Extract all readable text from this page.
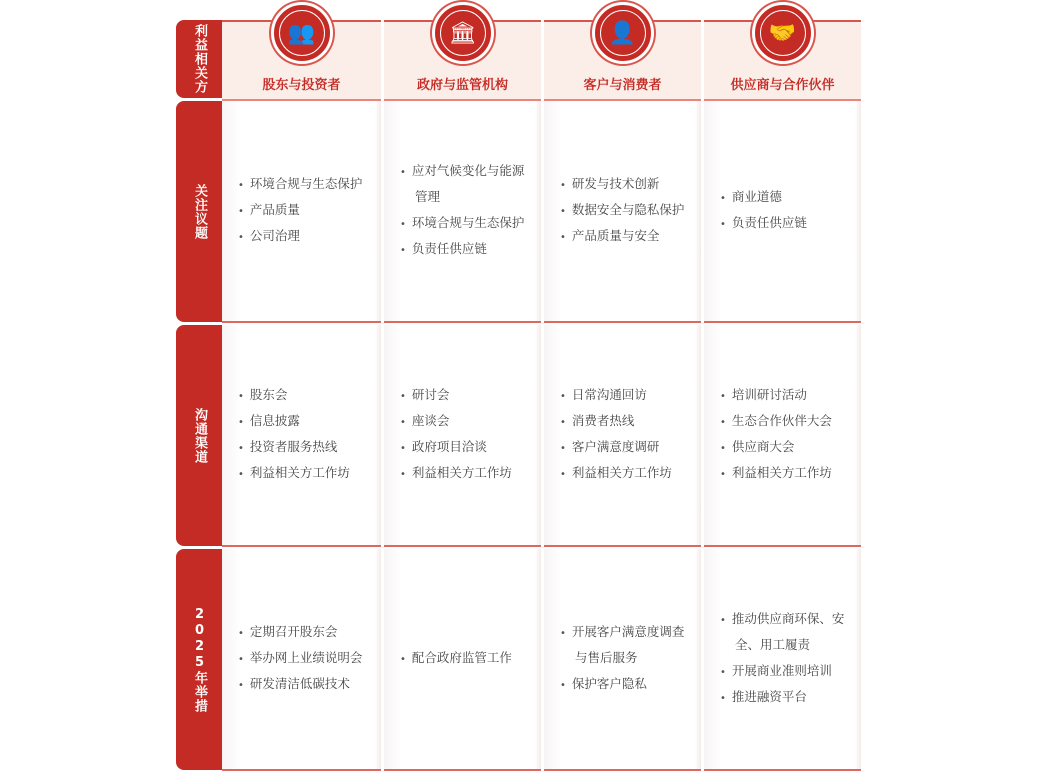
利益相关方
关注议题
沟通渠道
2025年举措
👥
股东与投资者
• 环境合规与生态保护
• 产品质量
• 公司治理
• 股东会
• 信息披露
• 投资者服务热线
• 利益相关方工作坊
• 定期召开股东会
• 举办网上业绩说明会
• 研发清洁低碳技术
🏛
政府与监管机构
• 应对气候变化与能源
管理
• 环境合规与生态保护
• 负责任供应链
• 研讨会
• 座谈会
• 政府项目洽谈
• 利益相关方工作坊
• 配合政府监管工作
👤
客户与消费者
• 研发与技术创新
• 数据安全与隐私保护
• 产品质量与安全
• 日常沟通回访
• 消费者热线
• 客户满意度调研
• 利益相关方工作坊
• 开展客户满意度调查
与售后服务
• 保护客户隐私
🤝
供应商与合作伙伴
• 商业道德
• 负责任供应链
• 培训研讨活动
• 生态合作伙伴大会
• 供应商大会
• 利益相关方工作坊
• 推动供应商环保、安
全、用工履责
• 开展商业准则培训
• 推进融资平台
